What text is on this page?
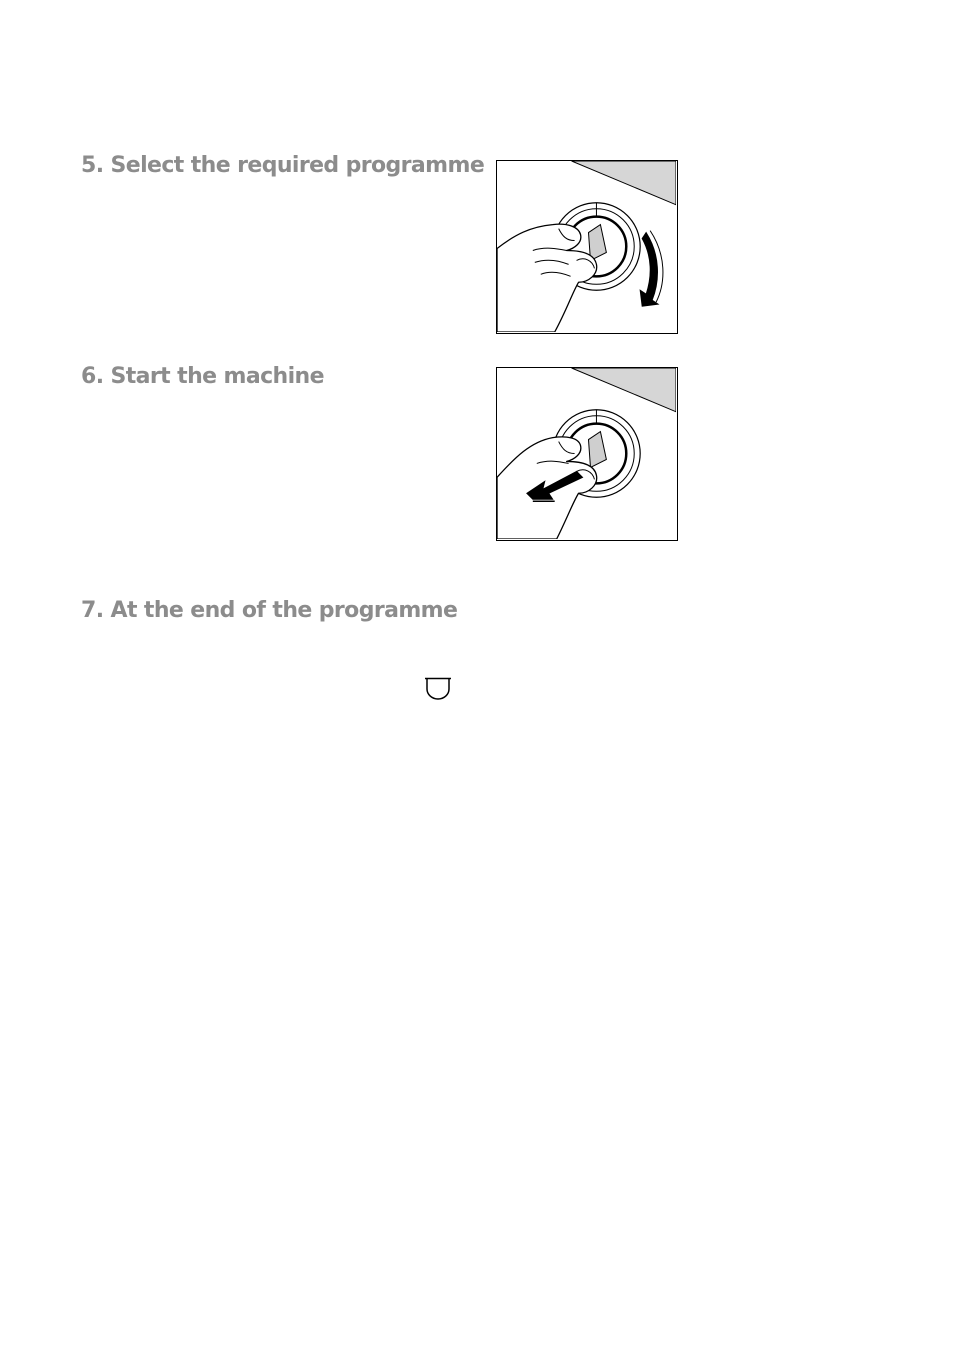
5. Select the required programme
6. Start the machine
7. At the end of the programme
